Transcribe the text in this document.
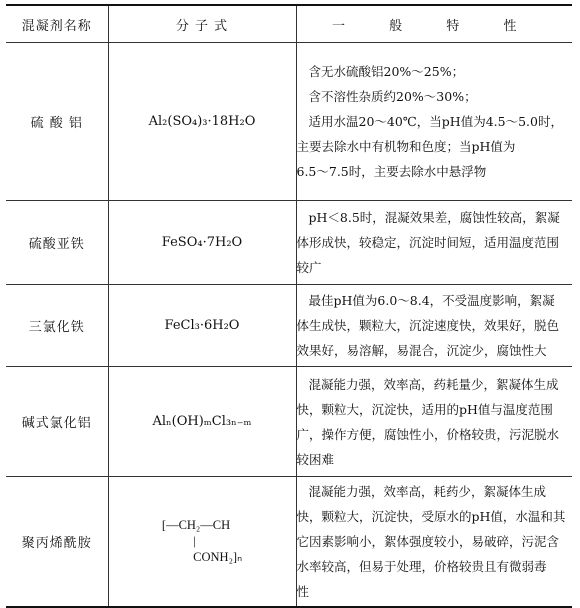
混凝剂名称	分 子 式	一 般 特 性
硫 酸 铝	Al₂(SO₄)₃·18H₂O	含无水硫酸铝20%～25%；
含不溶性杂质约20%～30%；
适用水温20～40℃，当pH值为4.5～5.0时，
主要去除水中有机物和色度；当pH值为
6.5～7.5时，主要去除水中悬浮物

硫酸亚铁	FeSO₄·7H₂O	pH＜8.5时，混凝效果差，腐蚀性较高，絮凝
体形成快，较稳定，沉淀时间短，适用温度范围
较广

三氯化铁	FeCl₃·6H₂O	最佳pH值为6.0～8.4，不受温度影响，絮凝
体生成快，颗粒大，沉淀速度快，效果好，脱色
效果好，易溶解，易混合，沉淀少，腐蚀性大

碱式氯化铝	Alₙ(OH)ₘCl₃ₙ₋ₘ	混凝能力强，效率高，药耗量少，絮凝体生成
快，颗粒大，沉淀快，适用的pH值与温度范围
广，操作方便，腐蚀性小，价格较贵，污泥脱水
较困难

聚丙烯酰胺	[—CH₂—CH
|
CONH₂]ₙ	混凝能力强，效率高，耗药少，絮凝体生成
快，颗粒大，沉淀快，受原水的pH值，水温和其
它因素影响小，絮体强度较小，易破碎，污泥含
水率较高，但易于处理，价格较贵且有微弱毒
性
